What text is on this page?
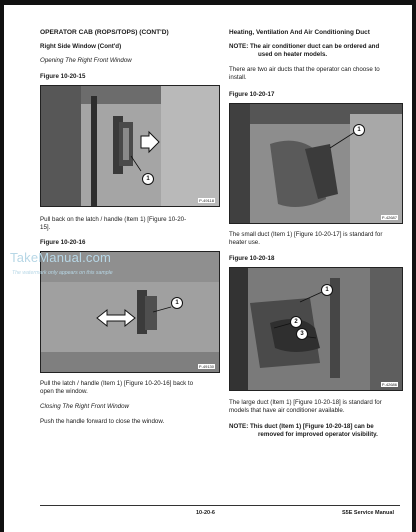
OPERATOR CAB (ROPS/TOPS) (CONT'D)
Right Side Window (Cont'd)
Opening The Right Front Window
Figure 10-20-15
1
P-49118
Pull back on the latch / handle (Item 1) [Figure 10-20-
15].
Figure 10-20-16
1
P-49130
Pull the latch / handle (Item 1) [Figure 10-20-16] back to
open the window.
Closing The Right Front Window
Push the handle forward to close the window.
Heating, Ventilation And Air Conditioning Duct
NOTE: The air conditioner duct can be ordered and
used on heater models.
There are two air ducts that the operator can choose to
install.
Figure 10-20-17
1
P-42687
The small duct (Item 1) [Figure 10-20-17] is standard for
heater use.
Figure 10-20-18
1
2
3
P-42686
The large duct (Item 1) [Figure 10-20-18] is standard for
models that have air conditioner available.
NOTE: This duct (Item 1) [Figure 10-20-18] can be
removed for improved operator visibility.
TakeManual.com
The watermark only appears on this sample
10-20-6	S5E Service Manual
